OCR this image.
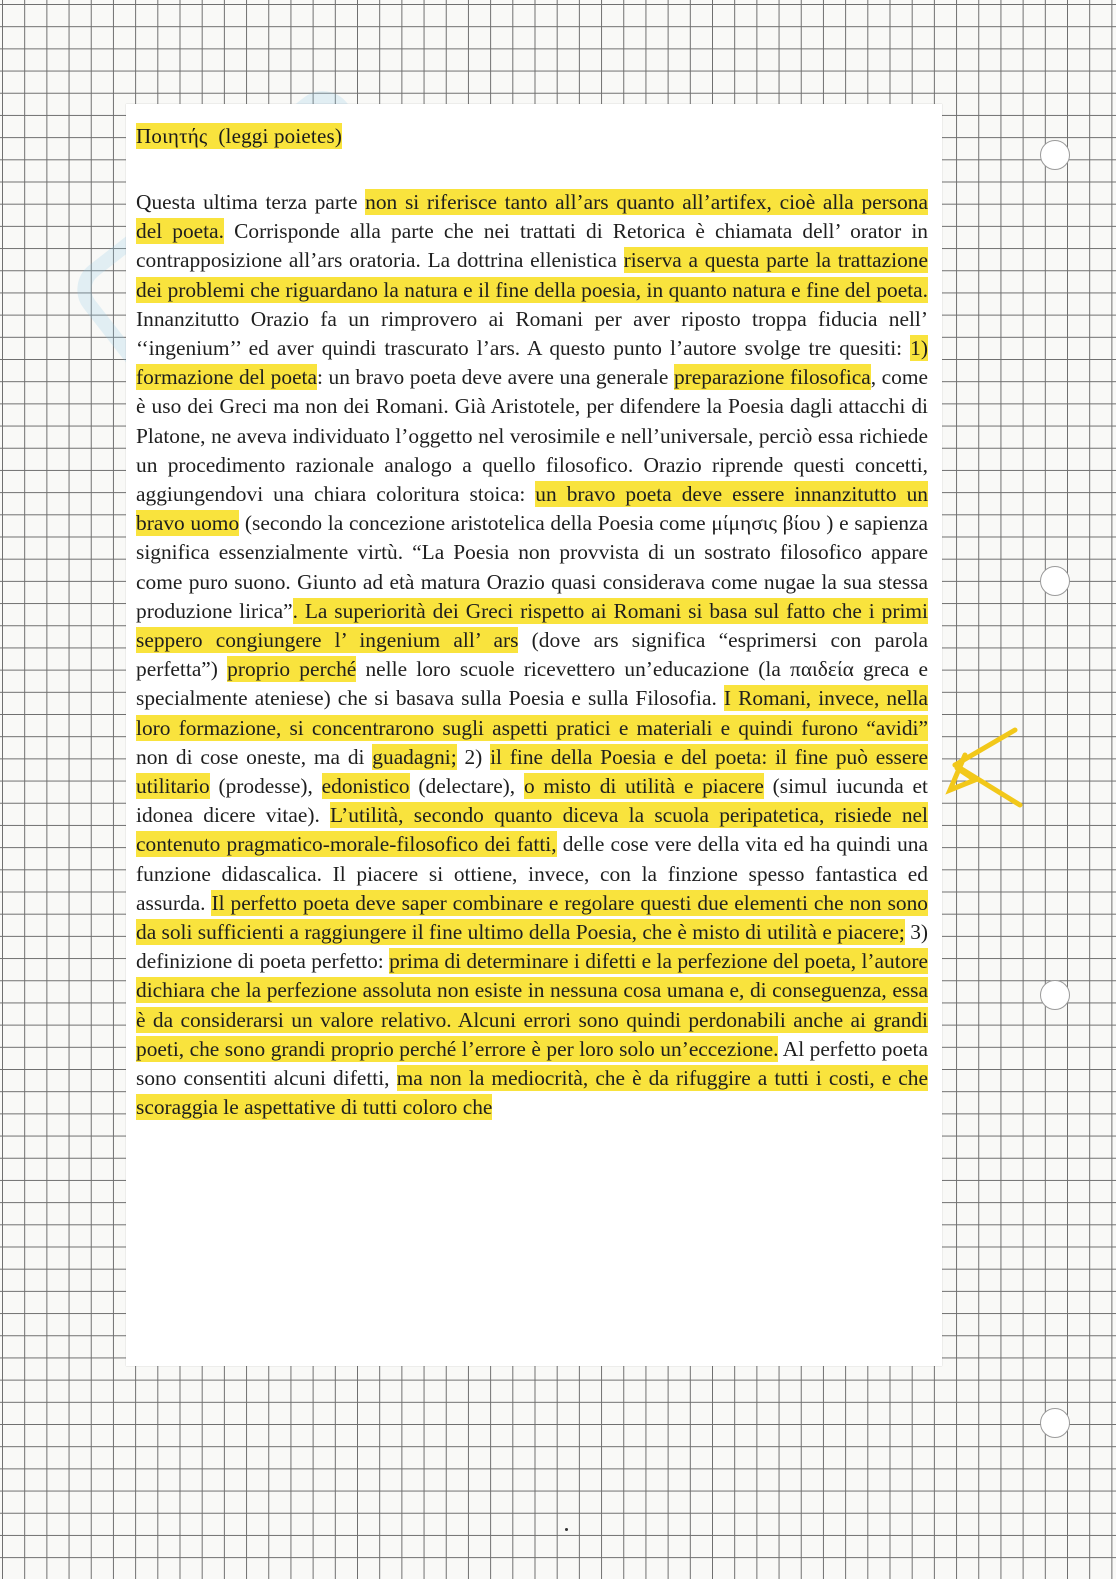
Ποιητής (leggi poietes)

Questa ultima terza parte non si riferisce tanto all’ars quanto all’artifex, cioè alla persona del poeta. Corrisponde alla parte che nei trattati di Retorica è chiamata dell’ orator in contrapposizione all’ars oratoria. La dottrina ellenistica riserva a questa parte la trattazione dei problemi che riguardano la natura e il fine della poesia, in quanto natura e fine del poeta. Innanzitutto Orazio fa un rimprovero ai Romani per aver riposto troppa fiducia nell’ ‘‘ingenium’’ ed aver quindi trascurato l’ars. A questo punto l’autore svolge tre quesiti: 1) formazione del poeta: un bravo poeta deve avere una generale preparazione filosofica, come è uso dei Greci ma non dei Romani. Già Aristotele, per difendere la Poesia dagli attacchi di Platone, ne aveva individuato l’oggetto nel verosimile e nell’universale, perciò essa richiede un procedimento razionale analogo a quello filosofico. Orazio riprende questi concetti, aggiungendovi una chiara coloritura stoica: un bravo poeta deve essere innanzitutto un bravo uomo (secondo la concezione aristotelica della Poesia come μίμησις βίου ) e sapienza significa essenzialmente virtù. “La Poesia non provvista di un sostrato filosofico appare come puro suono. Giunto ad età matura Orazio quasi considerava come nugae la sua stessa produzione lirica”. La superiorità dei Greci rispetto ai Romani si basa sul fatto che i primi seppero congiungere l’ ingenium all’ ars (dove ars significa “esprimersi con parola perfetta”) proprio perché nelle loro scuole ricevettero un’educazione (la παιδεία greca e specialmente ateniese) che si basava sulla Poesia e sulla Filosofia. I Romani, invece, nella loro formazione, si concentrarono sugli aspetti pratici e materiali e quindi furono “avidi” non di cose oneste, ma di guadagni; 2) il fine della Poesia e del poeta: il fine può essere utilitario (prodesse), edonistico (delectare), o misto di utilità e piacere (simul iucunda et idonea dicere vitae). L’utilità, secondo quanto diceva la scuola peripatetica, risiede nel contenuto pragmatico-morale-filosofico dei fatti, delle cose vere della vita ed ha quindi una funzione didascalica. Il piacere si ottiene, invece, con la finzione spesso fantastica ed assurda. Il perfetto poeta deve saper combinare e regolare questi due elementi che non sono da soli sufficienti a raggiungere il fine ultimo della Poesia, che è misto di utilità e piacere; 3) definizione di poeta perfetto: prima di determinare i difetti e la perfezione del poeta, l’autore dichiara che la perfezione assoluta non esiste in nessuna cosa umana e, di conseguenza, essa è da considerarsi un valore relativo. Alcuni errori sono quindi perdonabili anche ai grandi poeti, che sono grandi proprio perché l’errore è per loro solo un’eccezione. Al perfetto poeta sono consentiti alcuni difetti, ma non la mediocrità, che è da rifuggire a tutti i costi, e che scoraggia le aspettative di tutti coloro che
